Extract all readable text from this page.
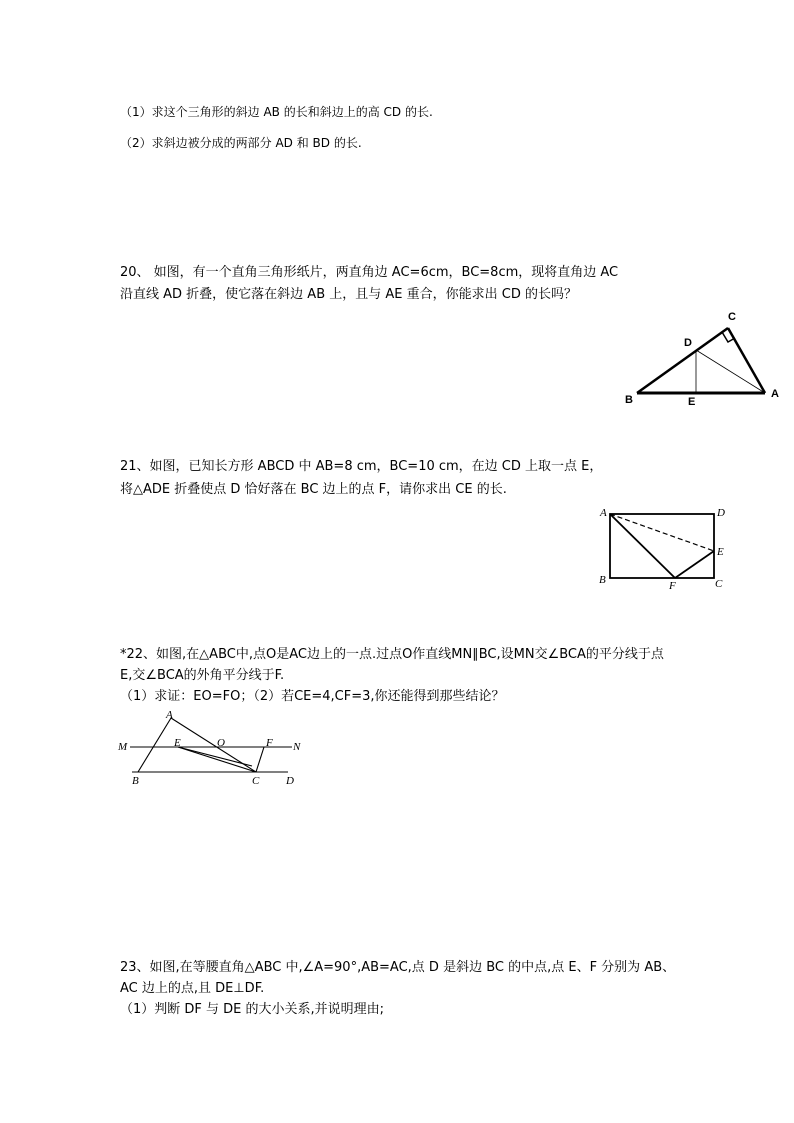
（1）求这个三角形的斜边 AB 的长和斜边上的高 CD 的长.
（2）求斜边被分成的两部分 AD 和 BD 的长.
20、 如图，有一个直角三角形纸片，两直角边 AC=6cm，BC=8cm，现将直角边 AC
沿直线 AD 折叠，使它落在斜边 AB 上，且与 AE 重合，你能求出 CD 的长吗？
C
D
B	E
A
21、如图，已知长方形 ABCD 中 AB=8 cm，BC=10 cm，在边 CD 上取一点 E，
将△ADE 折叠使点 D 恰好落在 BC 边上的点 F，请你求出 CE 的长.
A	D
E
B	F	C
*22、如图,在△ABC中,点O是AC边上的一点.过点O作直线MN∥BC,设MN交∠BCA的平分线于点
E,交∠BCA的外角平分线于F.
（1）求证：EO=FO；（2）若CE=4,CF=3,你还能得到那些结论？
A
M	E	O	F N
B	C D
23、如图,在等腰直角△ABC 中,∠A=90°,AB=AC,点 D 是斜边 BC 的中点,点 E、F 分别为 AB、
AC 边上的点,且 DE⊥DF.
（1）判断 DF 与 DE 的大小关系,并说明理由;
